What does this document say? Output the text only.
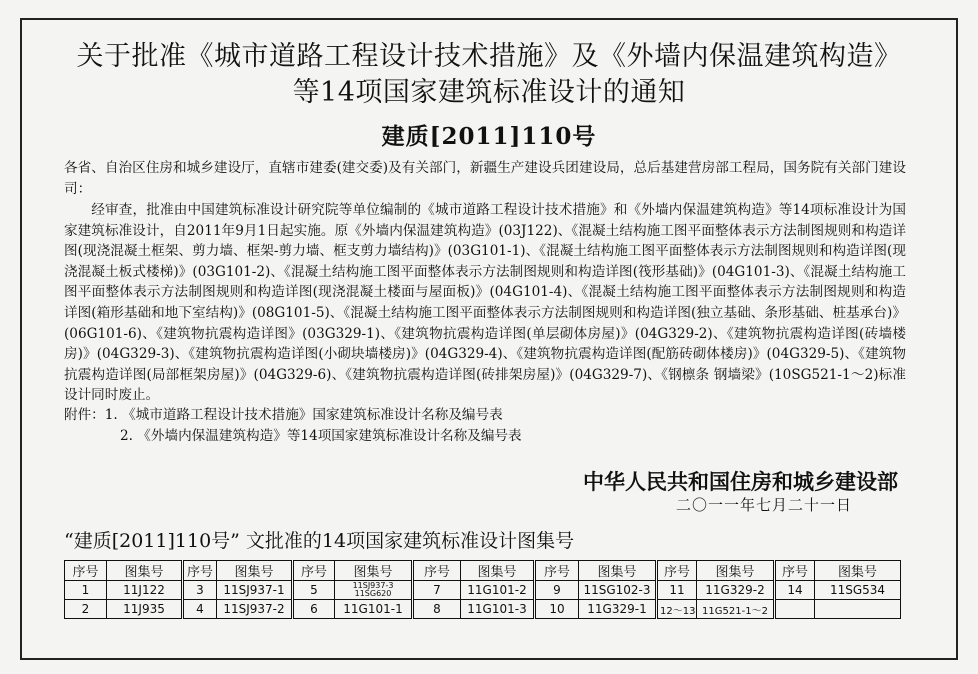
关于批准《城市道路工程设计技术措施》及《外墙内保温建筑构造》
等14项国家建筑标准设计的通知
建质[2011]110号
各省、自治区住房和城乡建设厅，直辖市建委(建交委)及有关部门，新疆生产建设兵团建设局，总后基建营房部工程局，国务院有关部门建设司：
经审查，批准由中国建筑标准设计研究院等单位编制的《城市道路工程设计技术措施》和《外墙内保温建筑构造》等14项标准设计为国家建筑标准设计，自2011年9月1日起实施。原《外墙内保温建筑构造》(03J122)、《混凝土结构施工图平面整体表示方法制图规则和构造详图(现浇混凝土框架、剪力墙、框架-剪力墙、框支剪力墙结构)》(03G101-1)、《混凝土结构施工图平面整体表示方法制图规则和构造详图(现浇混凝土板式楼梯)》(03G101-2)、《混凝土结构施工图平面整体表示方法制图规则和构造详图(筏形基础)》(04G101-3)、《混凝土结构施工图平面整体表示方法制图规则和构造详图(现浇混凝土楼面与屋面板)》(04G101-4)、《混凝土结构施工图平面整体表示方法制图规则和构造详图(箱形基础和地下室结构)》(08G101-5)、《混凝土结构施工图平面整体表示方法制图规则和构造详图(独立基础、条形基础、桩基承台)》(06G101-6)、《建筑物抗震构造详图》(03G329-1)、《建筑物抗震构造详图(单层砌体房屋)》(04G329-2)、《建筑物抗震构造详图(砖墙楼房)》(04G329-3)、《建筑物抗震构造详图(小砌块墙楼房)》(04G329-4)、《建筑物抗震构造详图(配筋砖砌体楼房)》(04G329-5)、《建筑物抗震构造详图(局部框架房屋)》(04G329-6)、《建筑物抗震构造详图(砖排架房屋)》(04G329-7)、《钢檩条 钢墙梁》(10SG521-1～2)标准设计同时废止。
附件：1. 《城市道路工程设计技术措施》国家建筑标准设计名称及编号表
2. 《外墙内保温建筑构造》等14项国家建筑标准设计名称及编号表
中华人民共和国住房和城乡建设部
二〇一一年七月二十一日
“建质[2011]110号” 文批准的14项国家建筑标准设计图集号
序号	图集号	序号	图集号	序号	图集号	序号	图集号	序号	图集号	序号	图集号	序号	图集号
1	11J122	3	11SJ937-1	5	11SJ937-3 11SG620	7	11G101-2	9	11SG102-3	11	11G329-2	14	11SG534
2	11J935	4	11SJ937-2	6	11G101-1	8	11G101-3	10	11G329-1	12～13	11G521-1～2		
